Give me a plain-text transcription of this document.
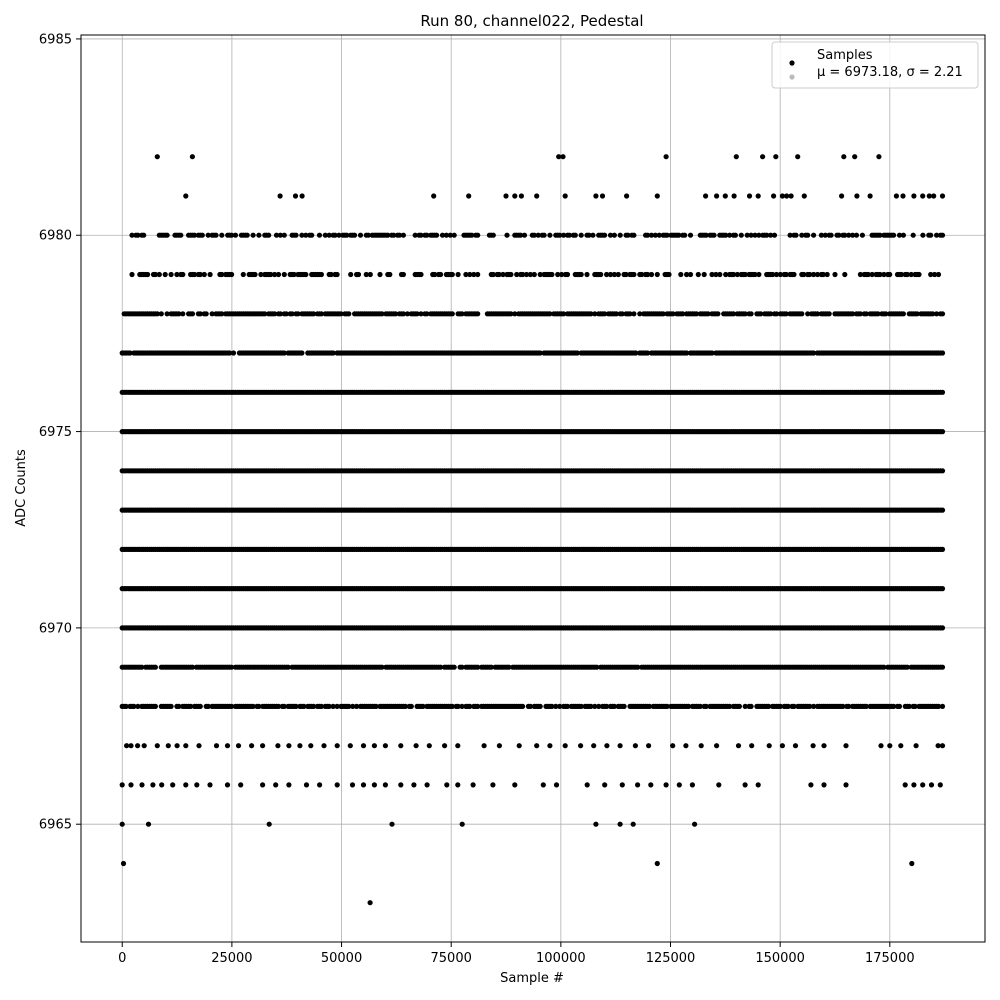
Run 80, channel022, Pedestal
0	25000	50000	75000	100000	125000	150000	175000
6965
6970
6975
6980
6985
Sample #
ADC Counts
Samples
μ = 6973.18, σ = 2.21
